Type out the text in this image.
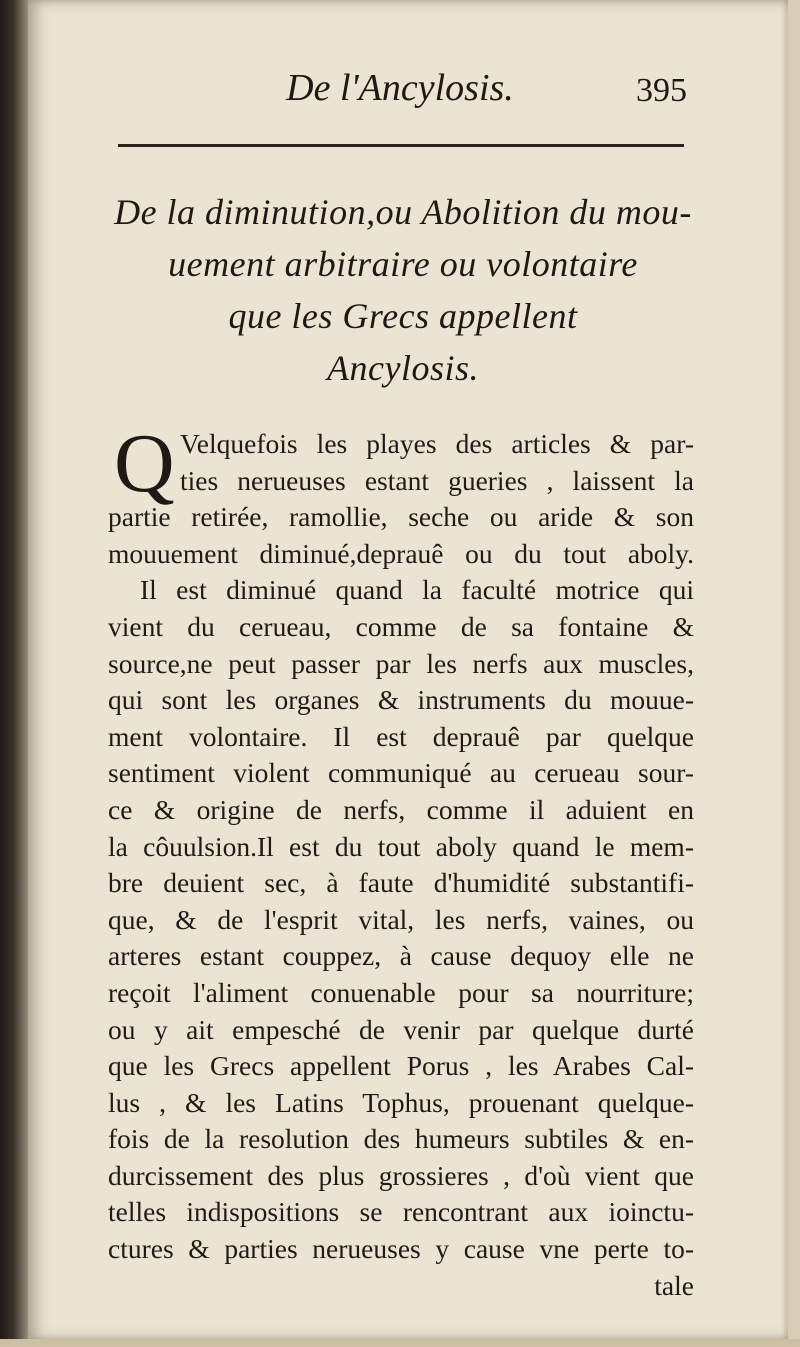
De l'Ancylosis.	395
De la diminution,ou Abolition du mou-
uement arbitraire ou volontaire
que les Grecs appellent
Ancylosis.
Q Velquefois les playes des articles & par-
ties nerueuses estant gueries , laissent la
partie retirée, ramollie, seche ou aride & son
mouuement diminué,deprauê ou du tout aboly.
Il est diminué quand la faculté motrice qui
vient du cerueau, comme de sa fontaine &
source,ne peut passer par les nerfs aux muscles,
qui sont les organes & instruments du mouue-
ment volontaire. Il est deprauê par quelque
sentiment violent communiqué au cerueau sour-
ce & origine de nerfs, comme il aduient en
la côuulsion.Il est du tout aboly quand le mem-
bre deuient sec, à faute d'humidité substantifi-
que, & de l'esprit vital, les nerfs, vaines, ou
arteres estant couppez, à cause dequoy elle ne
reçoit l'aliment conuenable pour sa nourriture;
ou y ait empesché de venir par quelque durté
que les Grecs appellent Porus , les Arabes Cal-
lus , & les Latins Tophus, prouenant quelque-
fois de la resolution des humeurs subtiles & en-
durcissement des plus grossieres , d'où vient que
telles indispositions se rencontrant aux ioinctu-
ctures & parties nerueuses y cause vne perte to-
tale
